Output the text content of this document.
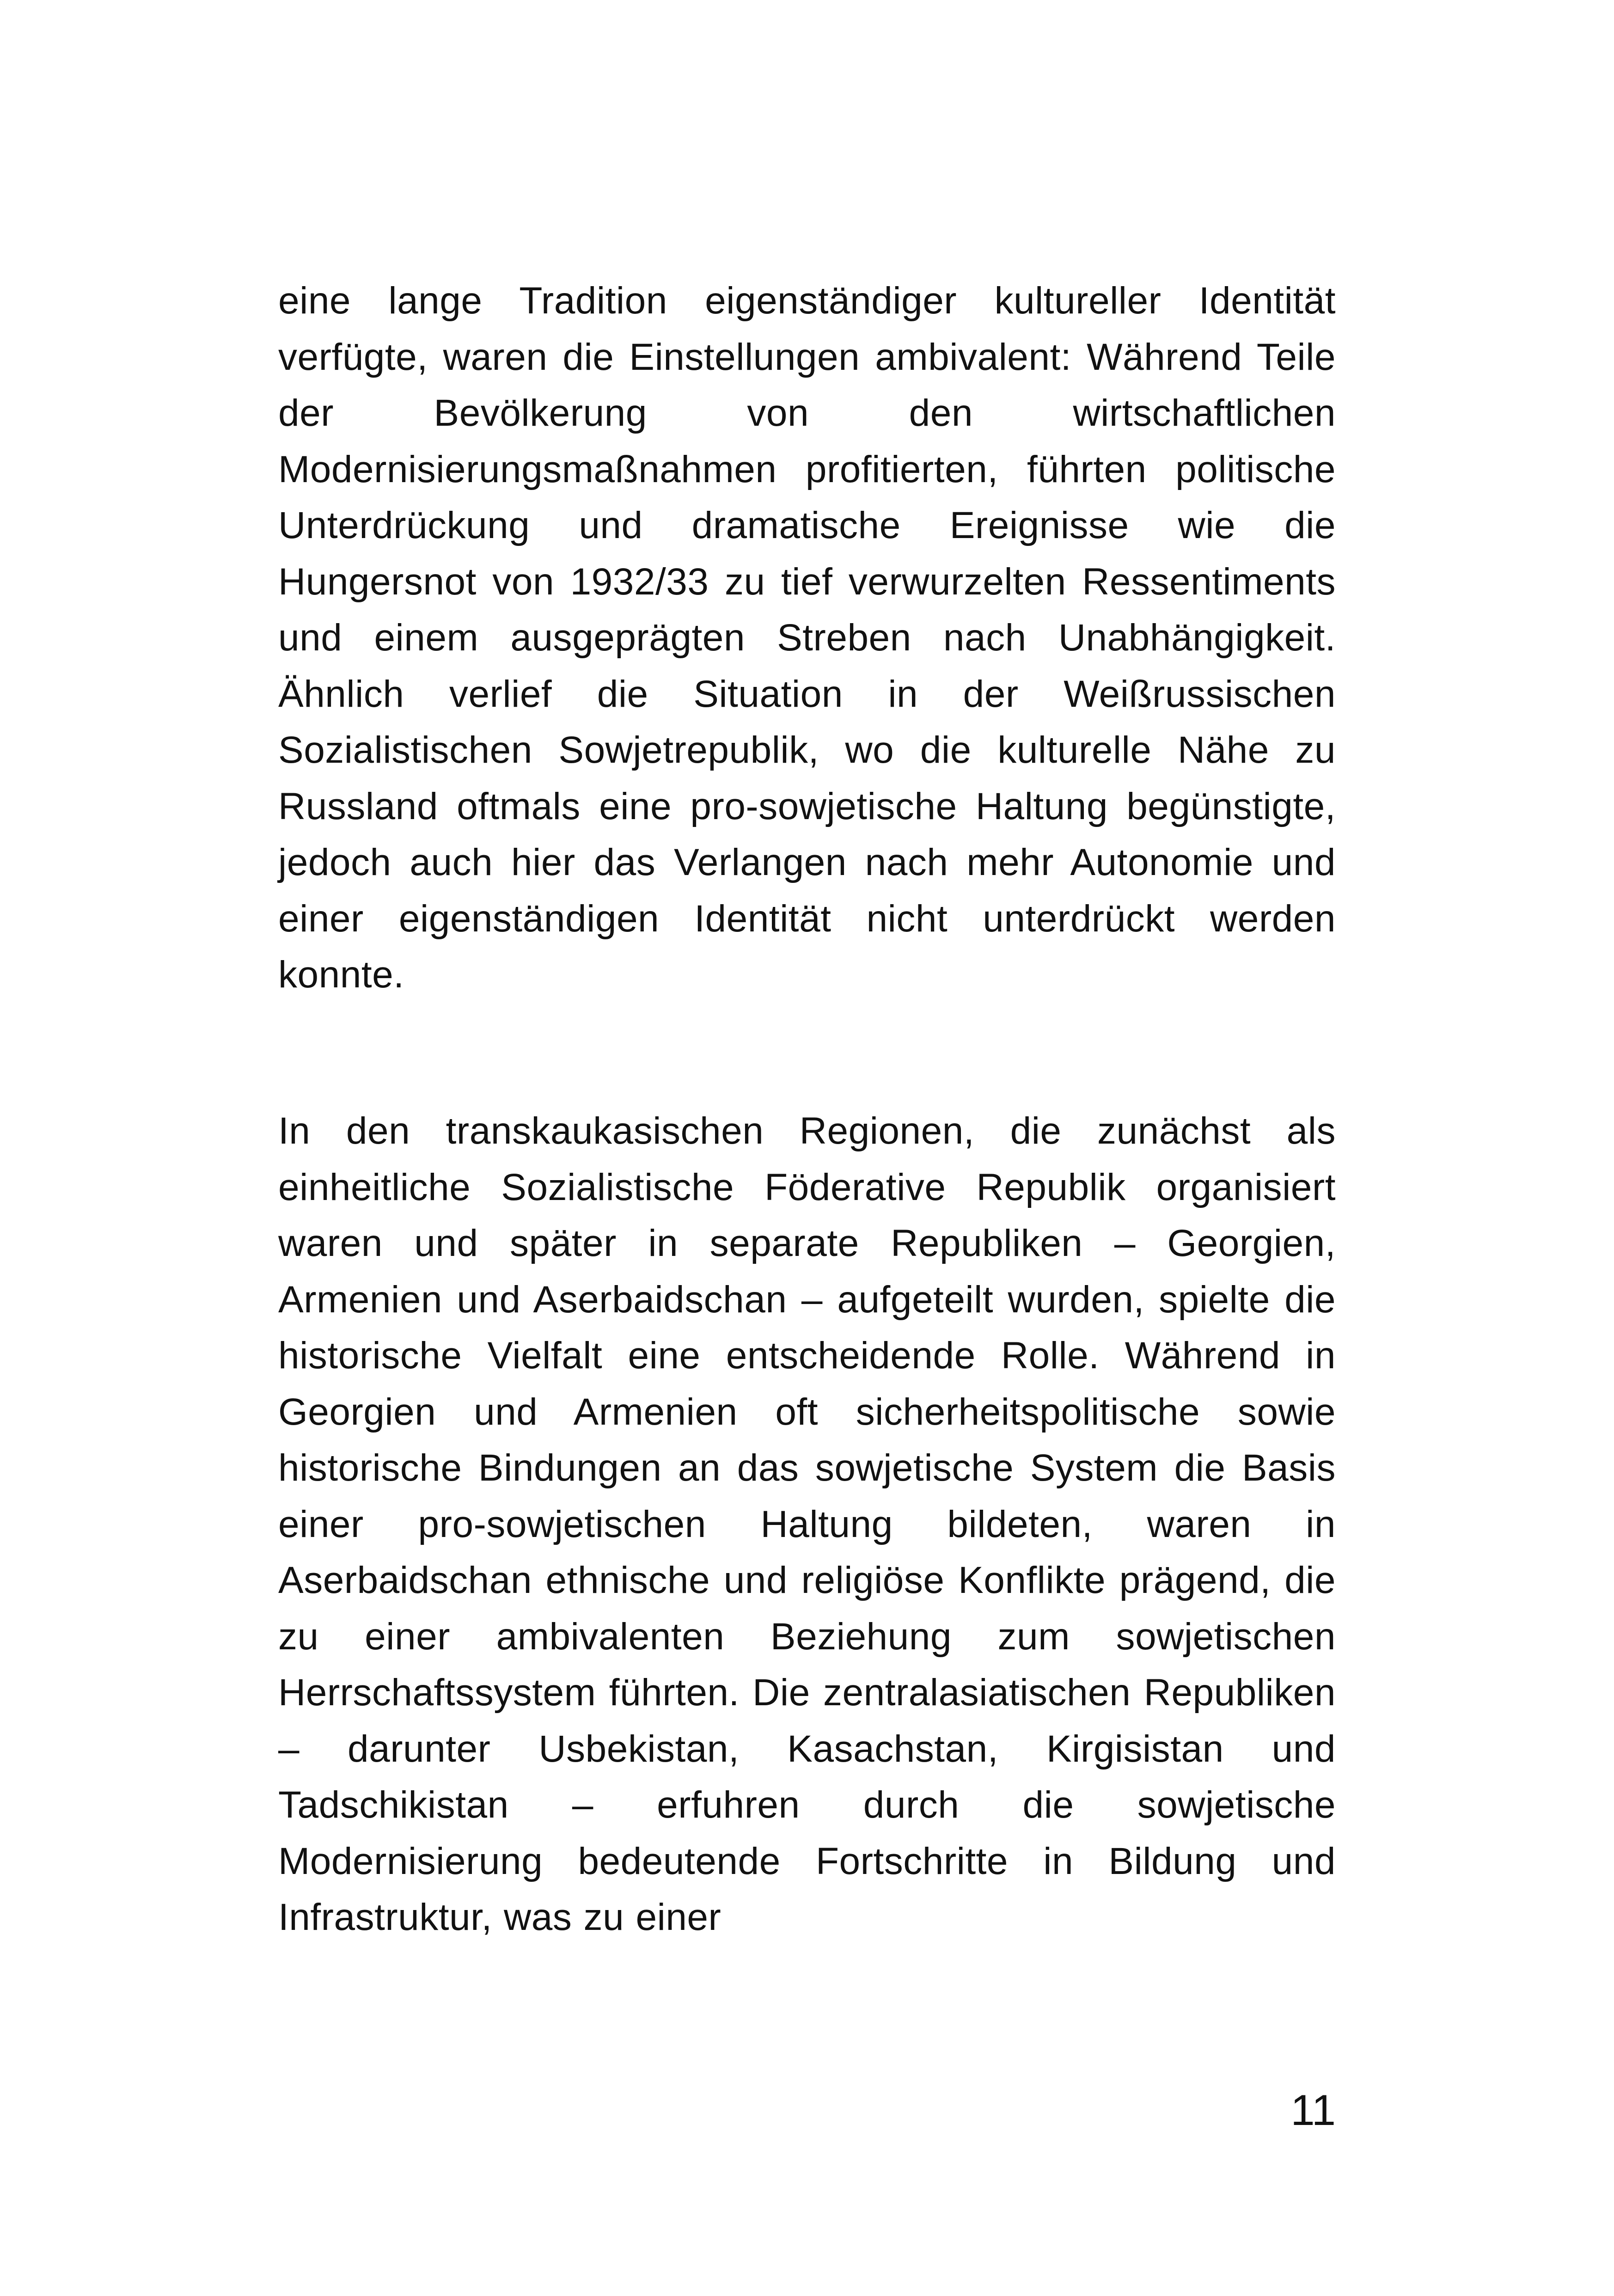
eine lange Tradition eigenständiger kultureller Identität verfügte, waren die Einstellungen ambivalent: Während Teile der Bevölkerung von den wirtschaftlichen Modernisierungsmaßnahmen profitierten, führten politische Unterdrückung und dramatische Ereignisse wie die Hungersnot von 1932/33 zu tief verwurzelten Ressentiments und einem ausgeprägten Streben nach Unabhängigkeit. Ähnlich verlief die Situation in der Weißrussischen Sozialistischen Sowjetrepublik, wo die kulturelle Nähe zu Russland oftmals eine pro-sowjetische Haltung begünstigte, jedoch auch hier das Verlangen nach mehr Autonomie und einer eigenständigen Identität nicht unterdrückt werden konnte.

In den transkaukasischen Regionen, die zunächst als einheitliche Sozialistische Föderative Republik organisiert waren und später in separate Republiken – Georgien, Armenien und Aserbaidschan – aufgeteilt wurden, spielte die historische Vielfalt eine entscheidende Rolle. Während in Georgien und Armenien oft sicherheitspolitische sowie historische Bindungen an das sowjetische System die Basis einer pro-sowjetischen Haltung bildeten, waren in Aserbaidschan ethnische und religiöse Konflikte prägend, die zu einer ambivalenten Beziehung zum sowjetischen Herrschaftssystem führten. Die zentralasiatischen Republiken – darunter Usbekistan, Kasachstan, Kirgisistan und Tadschikistan – erfuhren durch die sowjetische Modernisierung bedeutende Fortschritte in Bildung und Infrastruktur, was zu einer

11
